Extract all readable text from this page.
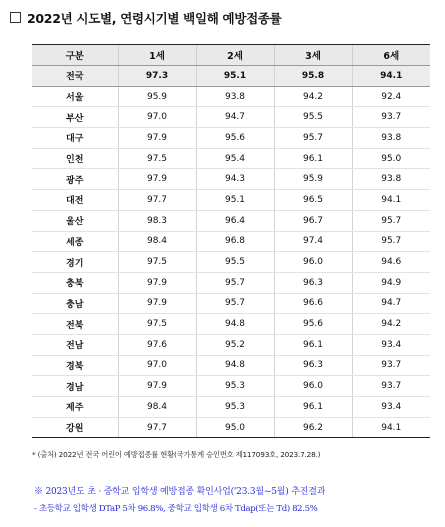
2022년 시도별, 연령시기별 백일해 예방접종률
구분	1세	2세	3세	6세
전국	97.3	95.1	95.8	94.1
서울	95.9	93.8	94.2	92.4
부산	97.0	94.7	95.5	93.7
대구	97.9	95.6	95.7	93.8
인천	97.5	95.4	96.1	95.0
광주	97.9	94.3	95.9	93.8
대전	97.7	95.1	96.5	94.1
울산	98.3	96.4	96.7	95.7
세종	98.4	96.8	97.4	95.7
경기	97.5	95.5	96.0	94.6
충북	97.9	95.7	96.3	94.9
충남	97.9	95.7	96.6	94.7
전북	97.5	94.8	95.6	94.2
전남	97.6	95.2	96.1	93.4
경북	97.0	94.8	96.3	93.7
경남	97.9	95.3	96.0	93.7
제주	98.4	95.3	96.1	93.4
강원	97.7	95.0	96.2	94.1
* (출처) 2022년 전국 어린이 예방접종률 현황(국가통계 승인번호 제117093호, 2023.7.28.)
※ 2023년도 초 · 중학교 입학생 예방접종 확인사업('23.3월~5월) 추진결과
- 초등학교 입학생 DTaP 5차 96.8%, 중학교 입학생 6차 Tdap(또는 Td) 82.5%
